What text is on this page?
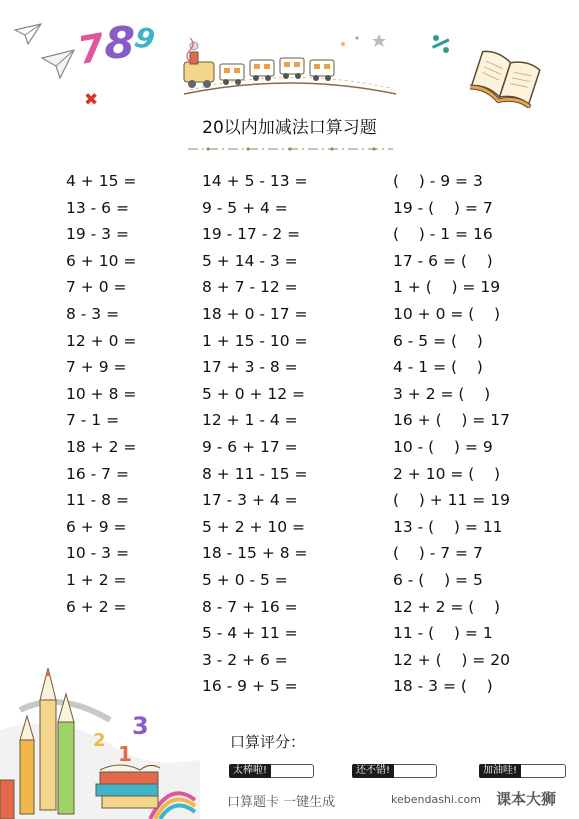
789
✖
20以内加减法口算习题
4 + 15 =
13 - 6 =
19 - 3 =
6 + 10 =
7 + 0 =
8 - 3 =
12 + 0 =
7 + 9 =
10 + 8 =
7 - 1 =
18 + 2 =
16 - 7 =
11 - 8 =
6 + 9 =
10 - 3 =
1 + 2 =
6 + 2 =
14 + 5 - 13 =
9 - 5 + 4 =
19 - 17 - 2 =
5 + 14 - 3 =
8 + 7 - 12 =
18 + 0 - 17 =
1 + 15 - 10 =
17 + 3 - 8 =
5 + 0 + 12 =
12 + 1 - 4 =
9 - 6 + 17 =
8 + 11 - 15 =
17 - 3 + 4 =
5 + 2 + 10 =
18 - 15 + 8 =
5 + 0 - 5 =
8 - 7 + 16 =
5 - 4 + 11 =
3 - 2 + 6 =
16 - 9 + 5 =
(    ) - 9 = 3
19 - (    ) = 7
(    ) - 1 = 16
17 - 6 = (    )
1 + (    ) = 19
10 + 0 = (    )
6 - 5 = (    )
4 - 1 = (    )
3 + 2 = (    )
16 + (    ) = 17
10 - (    ) = 9
2 + 10 = (    )
(    ) + 11 = 19
13 - (    ) = 11
(    ) - 7 = 7
6 - (    ) = 5
12 + 2 = (    )
11 - (    ) = 1
12 + (    ) = 20
18 - 3 = (    )
口算评分：
太棒啦!	还不错!	加油哇!
口算题卡 一键生成	kebendashi.com 课本大狮
2
3
1
